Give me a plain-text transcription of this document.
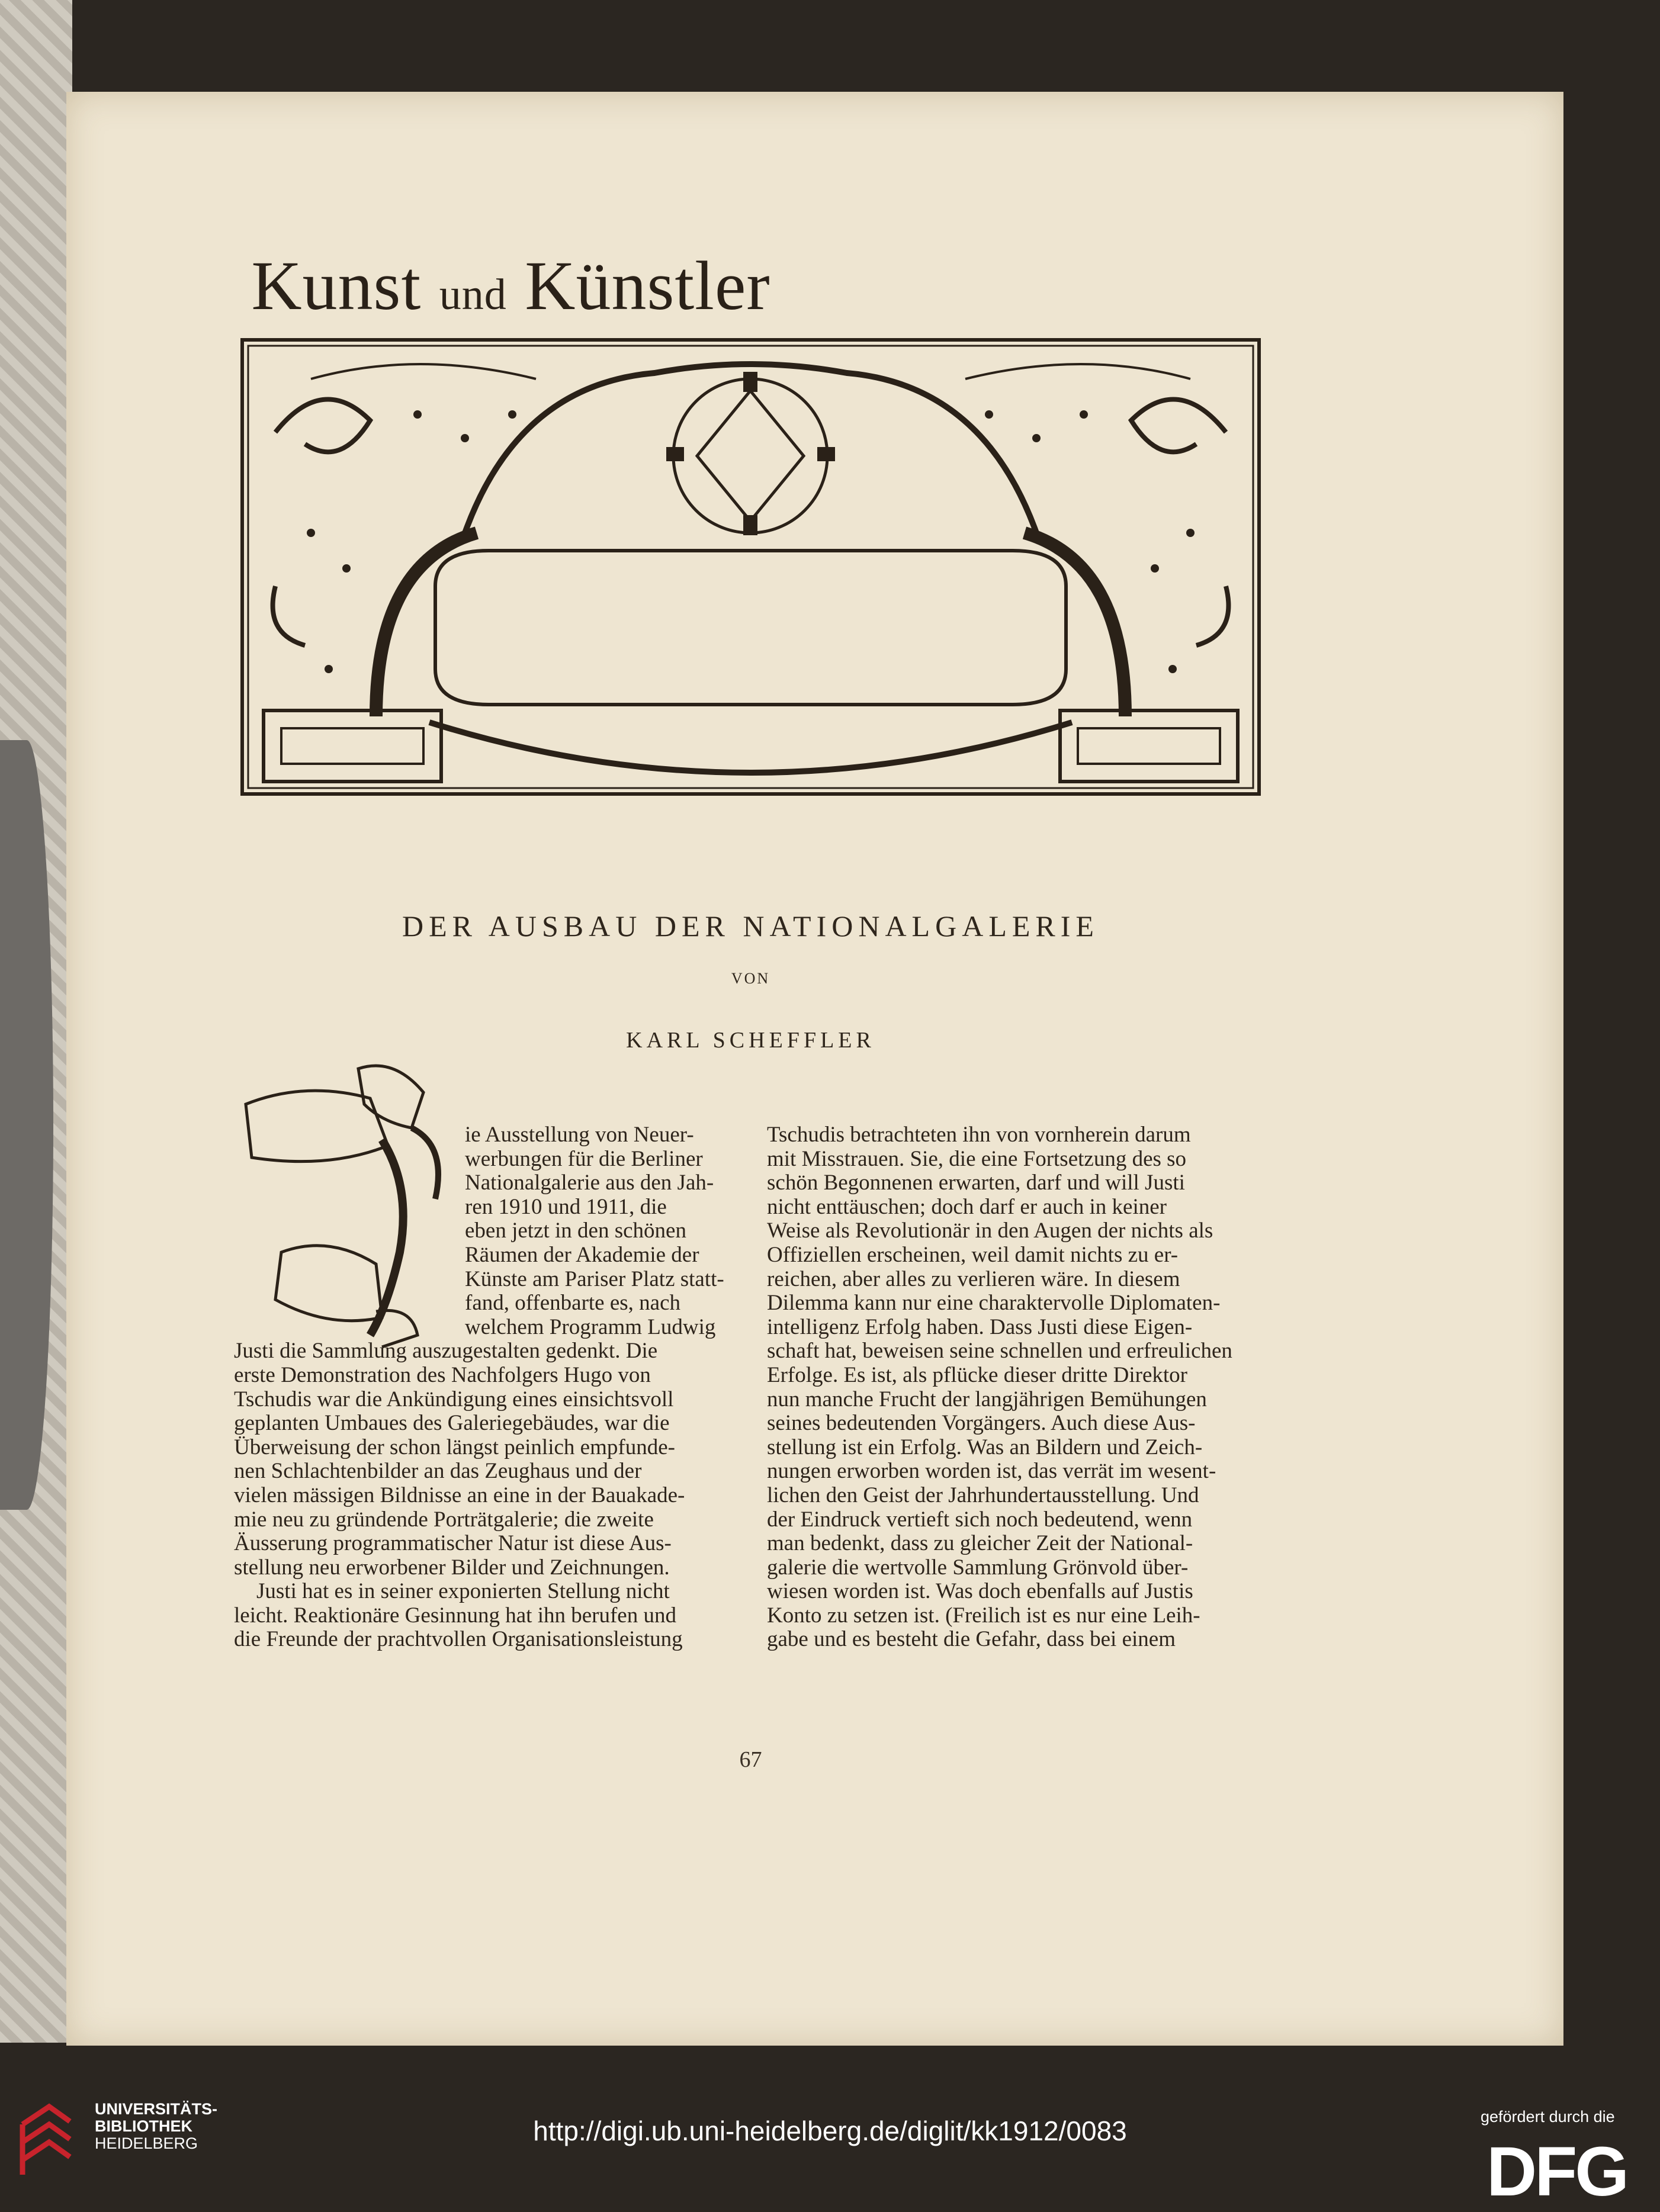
Kunst und Künstler
DER AUSBAU DER NATIONALGALERIE
VON
KARL SCHEFFLER

ie Ausstellung von Neuer-

werbungen für die Berliner

Nationalgalerie aus den Jah-

ren 1910 und 1911, die

eben jetzt in den schönen

Räumen der Akademie der

Künste am Pariser Platz statt-

fand, offenbarte es, nach

welchem Programm Ludwig

Justi die Sammlung auszugestalten gedenkt. Die

erste Demonstration des Nachfolgers Hugo von

Tschudis war die Ankündigung eines einsichtsvoll

geplanten Umbaues des Galeriegebäudes, war die

Überweisung der schon längst peinlich empfunde-

nen Schlachtenbilder an das Zeughaus und der

vielen mässigen Bildnisse an eine in der Bauakade-

mie neu zu gründende Porträtgalerie; die zweite

Äusserung programmatischer Natur ist diese Aus-

stellung neu erworbener Bilder und Zeichnungen.

Justi hat es in seiner exponierten Stellung nicht

leicht. Reaktionäre Gesinnung hat ihn berufen und

die Freunde der prachtvollen Organisationsleistung

Tschudis betrachteten ihn von vornherein darum

mit Misstrauen. Sie, die eine Fortsetzung des so

schön Begonnenen erwarten, darf und will Justi

nicht enttäuschen; doch darf er auch in keiner

Weise als Revolutionär in den Augen der nichts als

Offiziellen erscheinen, weil damit nichts zu er-

reichen, aber alles zu verlieren wäre. In diesem

Dilemma kann nur eine charaktervolle Diplomaten-

intelligenz Erfolg haben. Dass Justi diese Eigen-

schaft hat, beweisen seine schnellen und erfreulichen

Erfolge. Es ist, als pflücke dieser dritte Direktor

nun manche Frucht der langjährigen Bemühungen

seines bedeutenden Vorgängers. Auch diese Aus-

stellung ist ein Erfolg. Was an Bildern und Zeich-

nungen erworben worden ist, das verrät im wesent-

lichen den Geist der Jahrhundertausstellung. Und

der Eindruck vertieft sich noch bedeutend, wenn

man bedenkt, dass zu gleicher Zeit der National-

galerie die wertvolle Sammlung Grönvold über-

wiesen worden ist. Was doch ebenfalls auf Justis

Konto zu setzen ist. (Freilich ist es nur eine Leih-

gabe und es besteht die Gefahr, dass bei einem

67
UNIVERSITÄTS-
BIBLIOTHEK
HEIDELBERG	http://digi.ub.uni-heidelberg.de/diglit/kk1912/0083	gefördert durch die
DFG
